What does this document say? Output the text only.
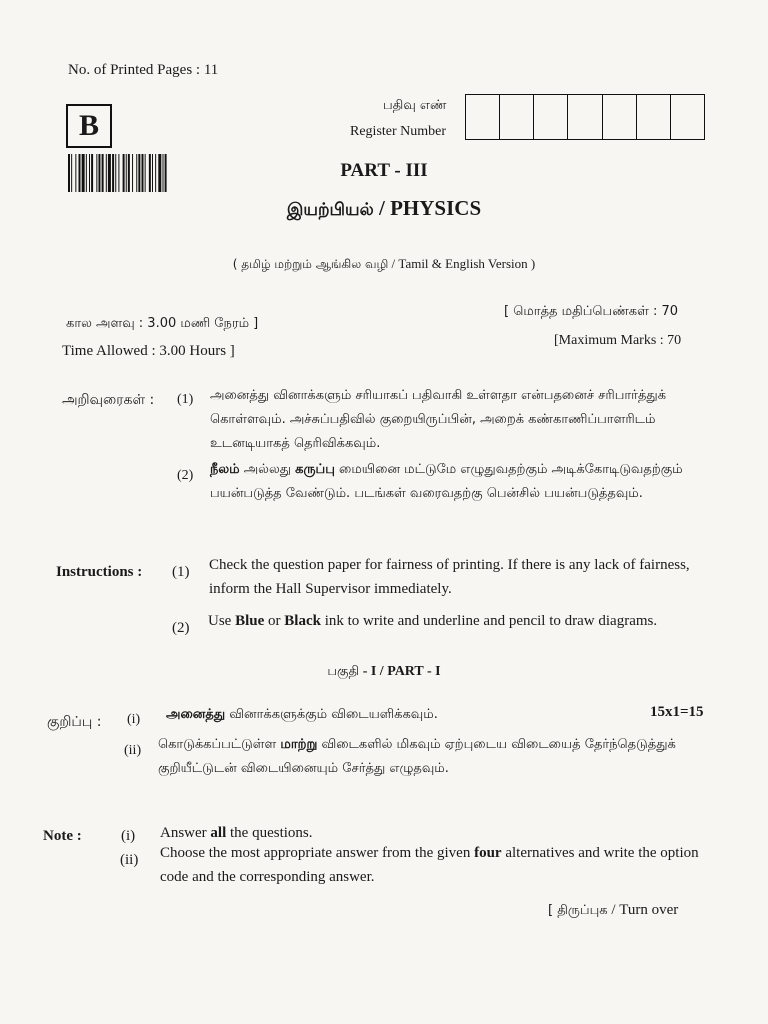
No. of Printed Pages : 11
B
பதிவு எண்
Register Number
PART - III
இயற்பியல் / PHYSICS
( தமிழ் மற்றும் ஆங்கில வழி / Tamil & English Version )
கால அளவு : 3.00 மணி நேரம் ]
Time Allowed : 3.00 Hours ]
[ மொத்த மதிப்பெண்கள் : 70
[Maximum Marks : 70
அறிவுரைகள் : (1) அனைத்து வினாக்களும் சரியாகப் பதிவாகி உள்ளதா என்பதனைச் சரிபார்த்துக் கொள்ளவும். அச்சுப்பதிவில் குறையிருப்பின், அறைக் கண்காணிப்பாளரிடம் உடனடியாகத் தெரிவிக்கவும்.
(2) நீலம் அல்லது கருப்பு மையினை மட்டுமே எழுதுவதற்கும் அடிக்கோடிடுவதற்கும் பயன்படுத்த வேண்டும். படங்கள் வரைவதற்கு பென்சில் பயன்படுத்தவும்.
Instructions : (1) Check the question paper for fairness of printing. If there is any lack of fairness, inform the Hall Supervisor immediately.
(2) Use Blue or Black ink to write and underline and pencil to draw diagrams.
பகுதி - I / PART - I
குறிப்பு : (i) அனைத்து வினாக்களுக்கும் விடையளிக்கவும்.	15x1=15
(ii) கொடுக்கப்பட்டுள்ள மாற்று விடைகளில் மிகவும் ஏற்புடைய விடையைத் தேர்ந்தெடுத்துக் குறியீட்டுடன் விடையினையும் சேர்த்து எழுதவும்.
Note :	(i) Answer all the questions.
(ii) Choose the most appropriate answer from the given four alternatives and write the option code and the corresponding answer.
[ திருப்புக / Turn over
